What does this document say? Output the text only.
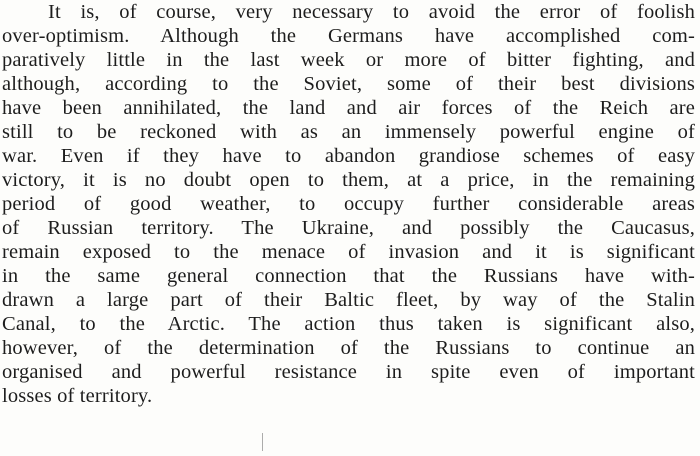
It is, of course, very necessary to avoid the error of foolish
over-optimism. Although the Germans have accomplished com-
paratively little in the last week or more of bitter fighting, and
although, according to the Soviet, some of their best divisions
have been annihilated, the land and air forces of the Reich are
still to be reckoned with as an immensely powerful engine of
war. Even if they have to abandon grandiose schemes of easy
victory, it is no doubt open to them, at a price, in the remaining
period of good weather, to occupy further considerable areas
of Russian territory. The Ukraine, and possibly the Caucasus,
remain exposed to the menace of invasion and it is significant
in the same general connection that the Russians have with-
drawn a large part of their Baltic fleet, by way of the Stalin
Canal, to the Arctic. The action thus taken is significant also,
however, of the determination of the Russians to continue an
organised and powerful resistance in spite even of important
losses of territory.
